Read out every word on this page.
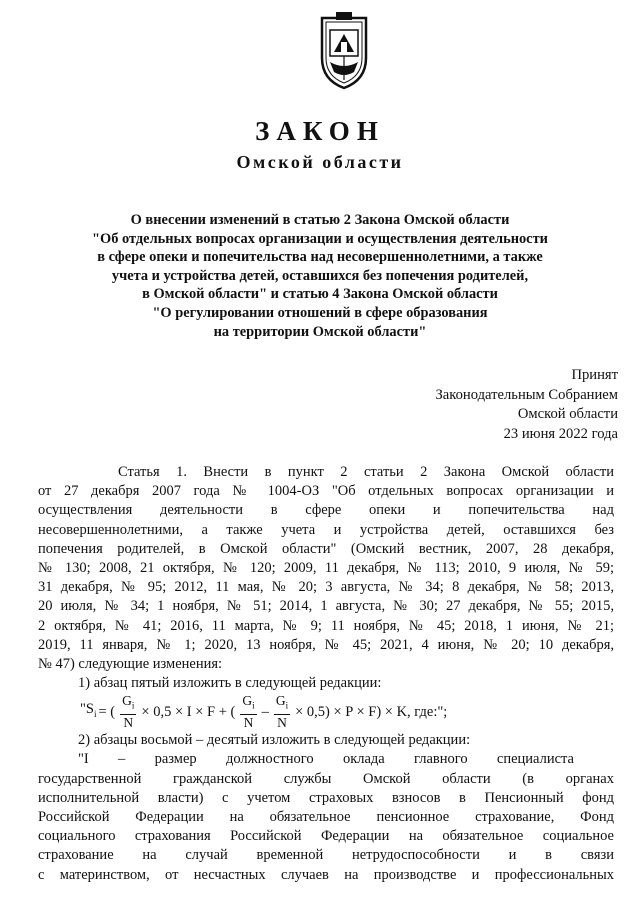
ЗАКОН
Омской области
О внесении изменений в статью 2 Закона Омской области
"Об отдельных вопросах организации и осуществления деятельности
в сфере опеки и попечительства над несовершеннолетними, а также
учета и устройства детей, оставшихся без попечения родителей,
в Омской области" и статью 4 Закона Омской области
"О регулировании отношений в сфере образования
на территории Омской области"
Принят
Законодательным Собранием
Омской области
23 июня 2022 года
Статья 1. Внести в пункт 2 статьи 2 Закона Омской области
от 27 декабря 2007 года № 1004-ОЗ "Об отдельных вопросах организации и
осуществления деятельности в сфере опеки и попечительства над
несовершеннолетними, а также учета и устройства детей, оставшихся без
попечения родителей, в Омской области" (Омский вестник, 2007, 28 декабря,
№ 130; 2008, 21 октября, № 120; 2009, 11 декабря, № 113; 2010, 9 июля, № 59;
31 декабря, № 95; 2012, 11 мая, № 20; 3 августа, № 34; 8 декабря, № 58; 2013,
20 июля, № 34; 1 ноября, № 51; 2014, 1 августа, № 30; 27 декабря, № 55; 2015,
2 октября, № 41; 2016, 11 марта, № 9; 11 ноября, № 45; 2018, 1 июня, № 21;
2019, 11 января, № 1; 2020, 13 ноября, № 45; 2021, 4 июня, № 20; 10 декабря,
№ 47) следующие изменения:
1) абзац пятый изложить в следующей редакции:
"$S_i$ = ( $\frac{G_i}{N} \times 0,5 \times I \times F$ + ( $\frac{G_i}{N} - \frac{G_i}{N} \times 0,5) \times P \times F) \times K$, где:";
2) абзацы восьмой – десятый изложить в следующей редакции:
"I – размер должностного оклада главного специалиста
государственной гражданской службы Омской области (в органах
исполнительной власти) с учетом страховых взносов в Пенсионный фонд
Российской Федерации на обязательное пенсионное страхование, Фонд
социального страхования Российской Федерации на обязательное социальное
страхование на случай временной нетрудоспособности и в связи
с материнством, от несчастных случаев на производстве и профессиональных
